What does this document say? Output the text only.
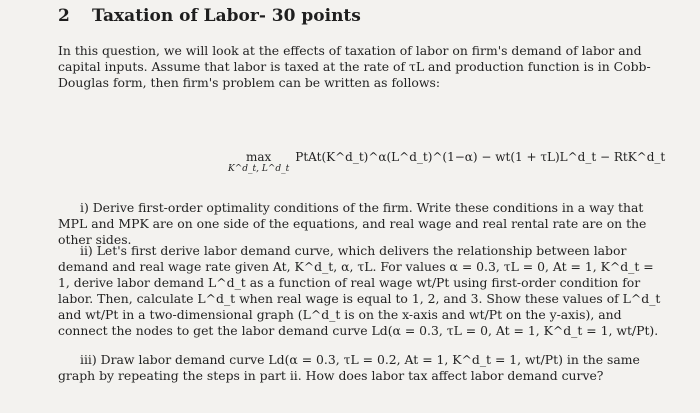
2 Taxation of Labor- 30 points
In this question, we will look at the effects of taxation of labor on firm's demand of labor and capital inputs. Assume that labor is taxed at the rate of τL and production function is in Cobb-Douglas form, then firm's problem can be written as follows:
max
K^d_t, L^d_t
PtAt(K^d_t)^α(L^d_t)^(1−α) − wt(1 + τL)L^d_t − RtK^d_t
i) Derive first-order optimality conditions of the firm. Write these conditions in a way that MPL and MPK are on one side of the equations, and real wage and real rental rate are on the other sides.
ii) Let's first derive labor demand curve, which delivers the relationship between labor demand and real wage rate given At, K^d_t, α, τL. For values α = 0.3, τL = 0, At = 1, K^d_t = 1, derive labor demand L^d_t as a function of real wage wt/Pt using first-order condition for labor. Then, calculate L^d_t when real wage is equal to 1, 2, and 3. Show these values of L^d_t and wt/Pt in a two-dimensional graph (L^d_t is on the x-axis and wt/Pt on the y-axis), and connect the nodes to get the labor demand curve Ld(α = 0.3, τL = 0, At = 1, K^d_t = 1, wt/Pt).
iii) Draw labor demand curve Ld(α = 0.3, τL = 0.2, At = 1, K^d_t = 1, wt/Pt) in the same graph by repeating the steps in part ii. How does labor tax affect labor demand curve?
